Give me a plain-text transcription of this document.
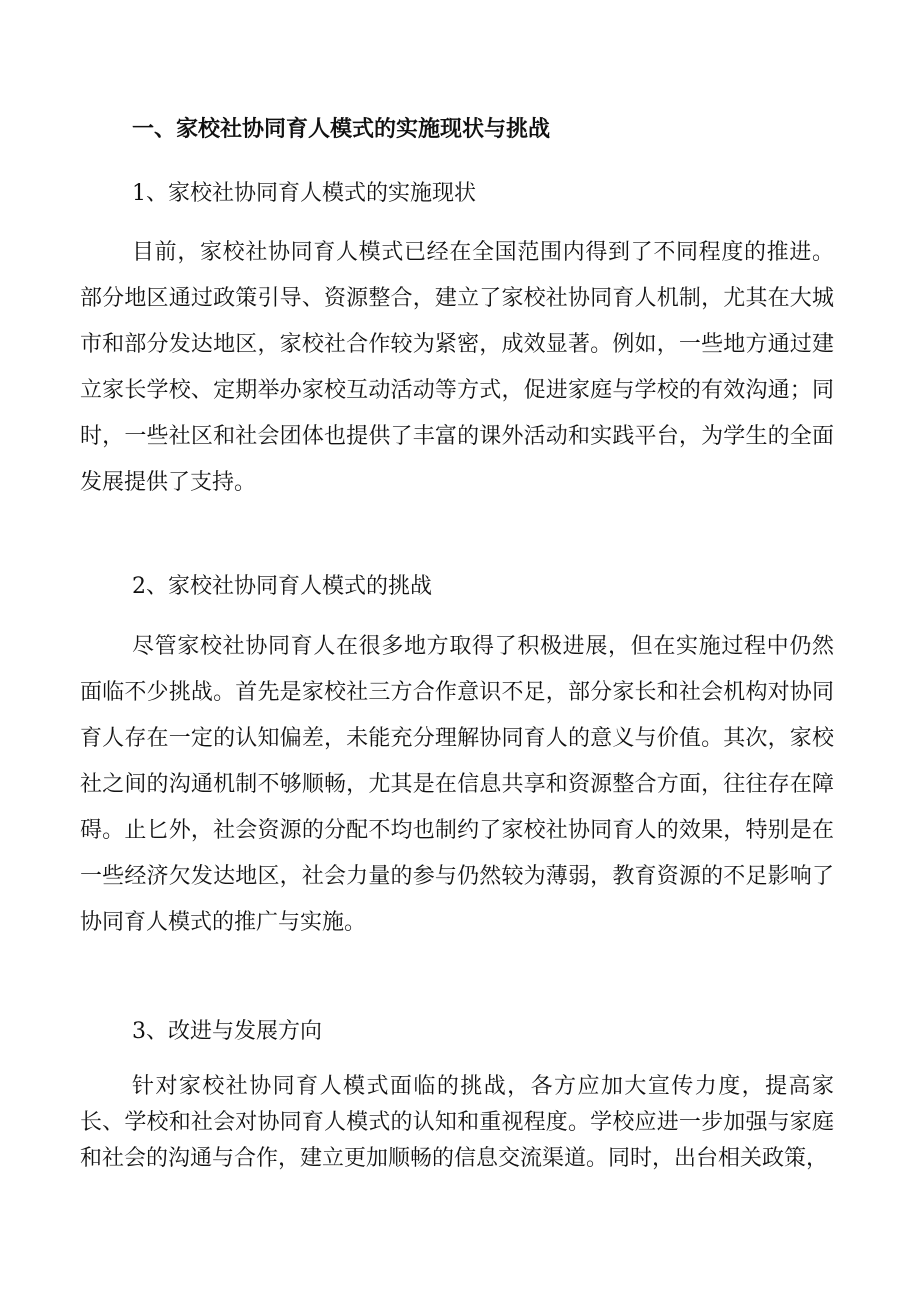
一、家校社协同育人模式的实施现状与挑战
1、家校社协同育人模式的实施现状

目前，家校社协同育人模式已经在全国范围内得到了不同程度的推进。部分地区通过政策引导、资源整合，建立了家校社协同育人机制，尤其在大城市和部分发达地区，家校社合作较为紧密，成效显著。例如，一些地方通过建立家长学校、定期举办家校互动活动等方式，促进家庭与学校的有效沟通；同时，一些社区和社会团体也提供了丰富的课外活动和实践平台，为学生的全面发展提供了支持。

2、家校社协同育人模式的挑战

尽管家校社协同育人在很多地方取得了积极进展，但在实施过程中仍然面临不少挑战。首先是家校社三方合作意识不足，部分家长和社会机构对协同育人存在一定的认知偏差，未能充分理解协同育人的意义与价值。其次，家校社之间的沟通机制不够顺畅，尤其是在信息共享和资源整合方面，往往存在障碍。止匕外，社会资源的分配不均也制约了家校社协同育人的效果，特别是在一些经济欠发达地区，社会力量的参与仍然较为薄弱，教育资源的不足影响了协同育人模式的推广与实施。

3、改进与发展方向

针对家校社协同育人模式面临的挑战，各方应加大宣传力度，提高家长、学校和社会对协同育人模式的认知和重视程度。学校应进一步加强与家庭和社会的沟通与合作，建立更加顺畅的信息交流渠道。同时，出台相关政策，
